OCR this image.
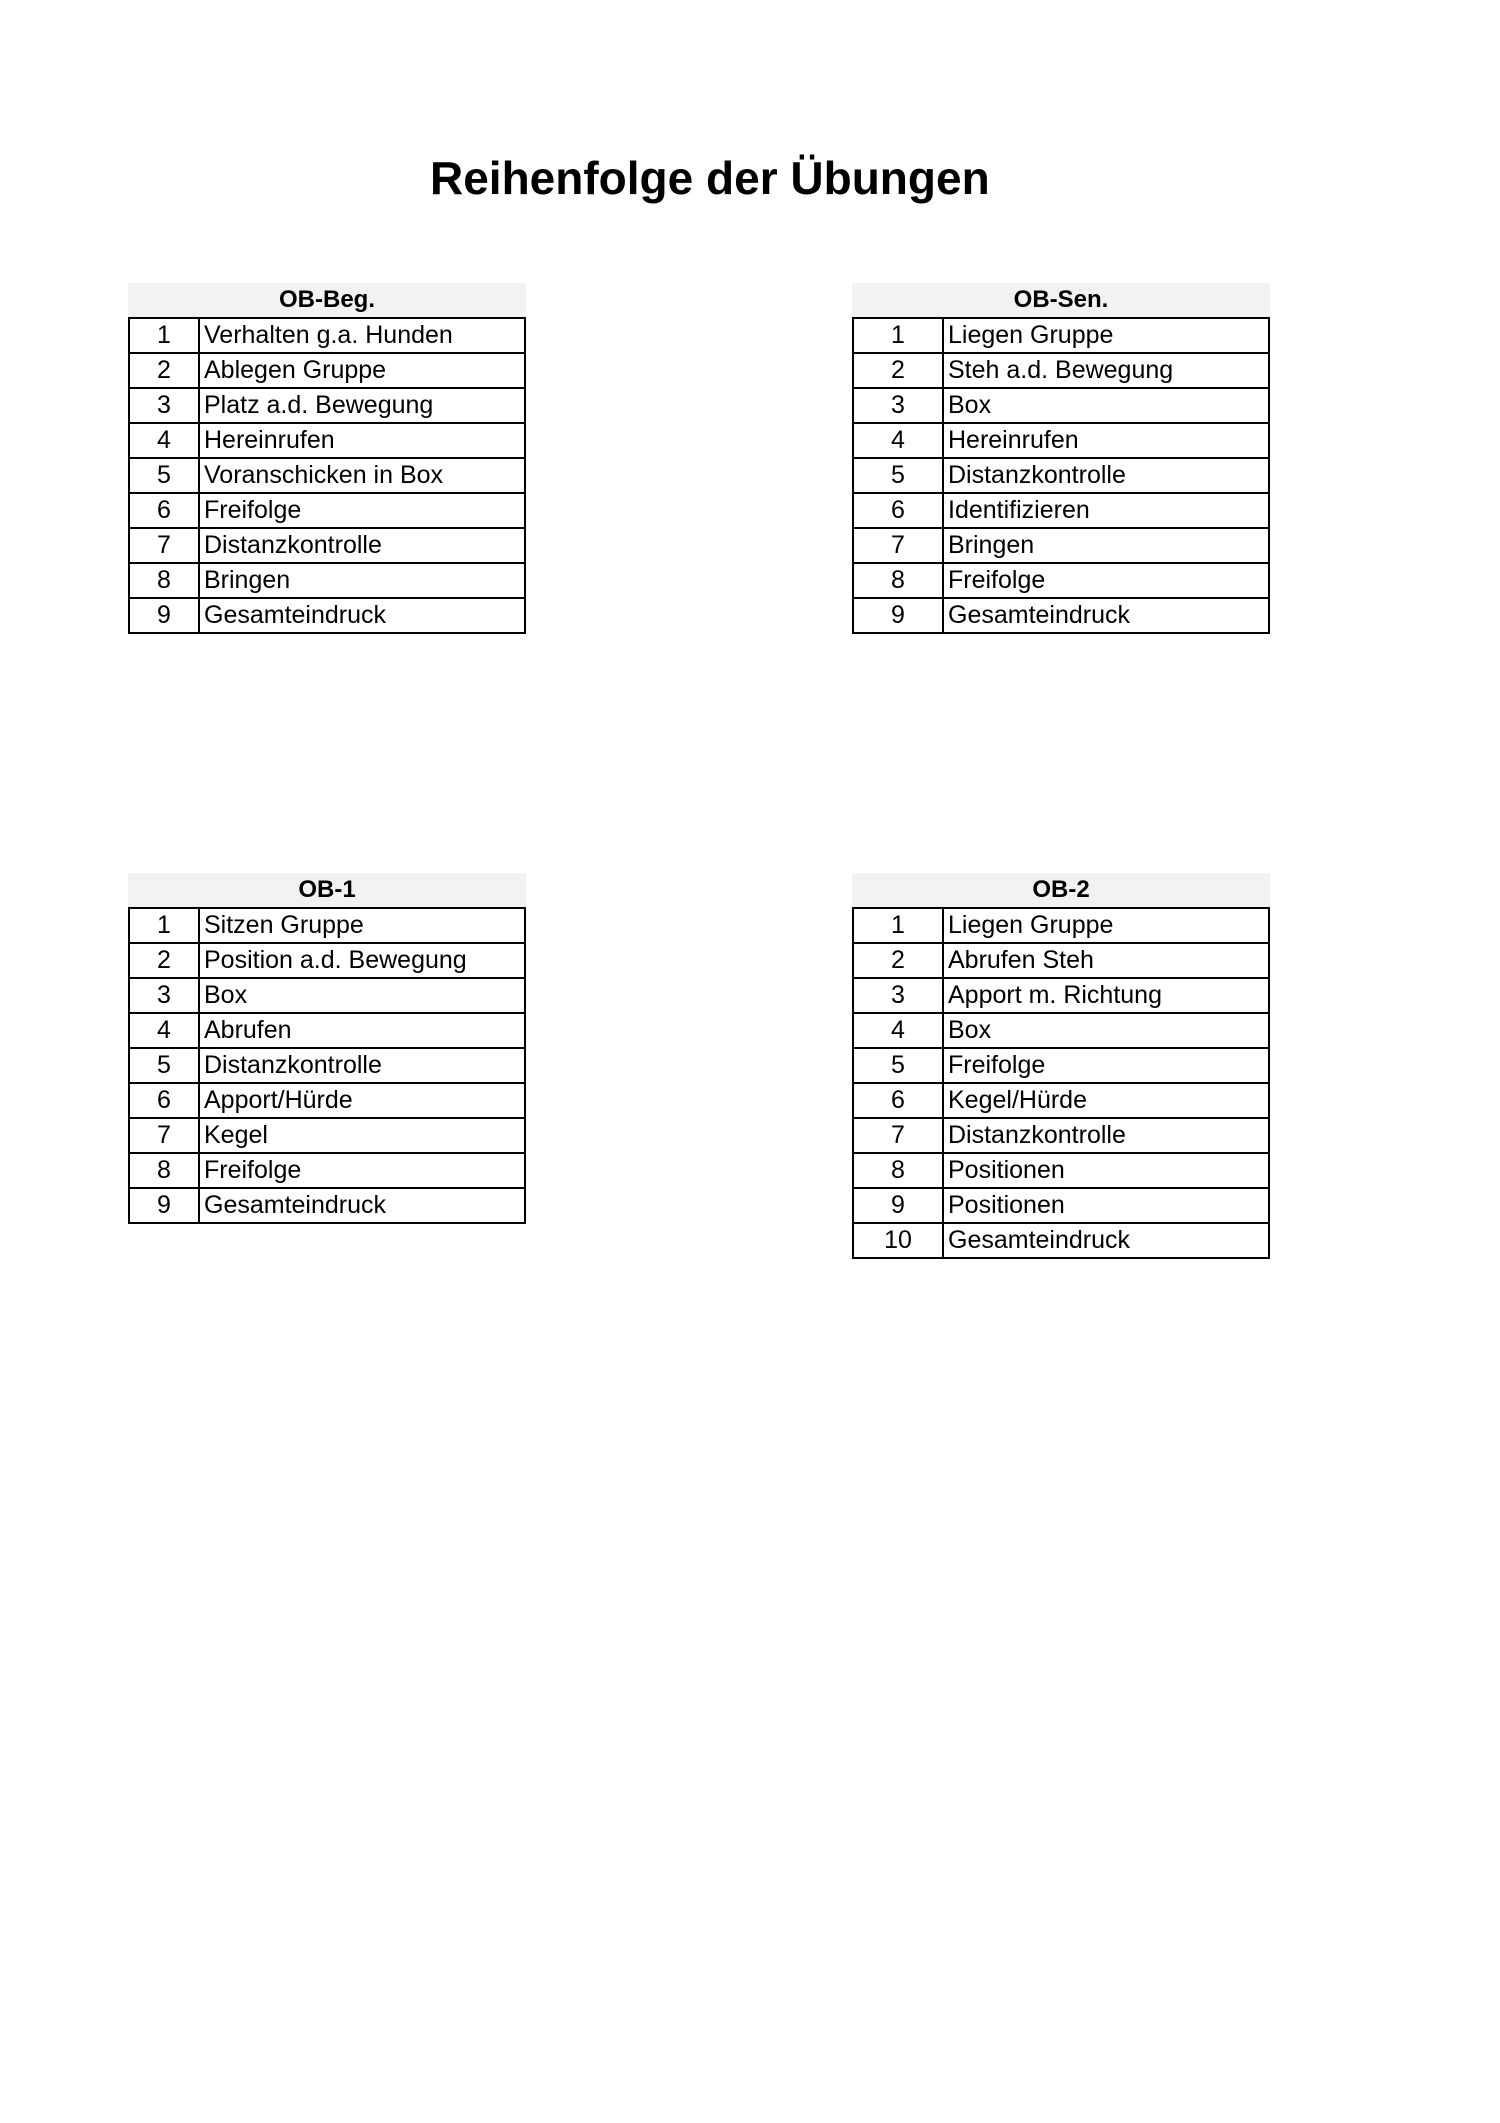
Reihenfolge der Übungen
OB-Beg.
1	Verhalten g.a. Hunden
2	Ablegen Gruppe
3	Platz a.d. Bewegung
4	Hereinrufen
5	Voranschicken in Box
6	Freifolge
7	Distanzkontrolle
8	Bringen
9	Gesamteindruck
OB-Sen.
1	Liegen Gruppe
2	Steh a.d. Bewegung
3	Box
4	Hereinrufen
5	Distanzkontrolle
6	Identifizieren
7	Bringen
8	Freifolge
9	Gesamteindruck
OB-1
1	Sitzen Gruppe
2	Position a.d. Bewegung
3	Box
4	Abrufen
5	Distanzkontrolle
6	Apport/Hürde
7	Kegel
8	Freifolge
9	Gesamteindruck
OB-2
1	Liegen Gruppe
2	Abrufen Steh
3	Apport m. Richtung
4	Box
5	Freifolge
6	Kegel/Hürde
7	Distanzkontrolle
8	Positionen
9	Positionen
10	Gesamteindruck
